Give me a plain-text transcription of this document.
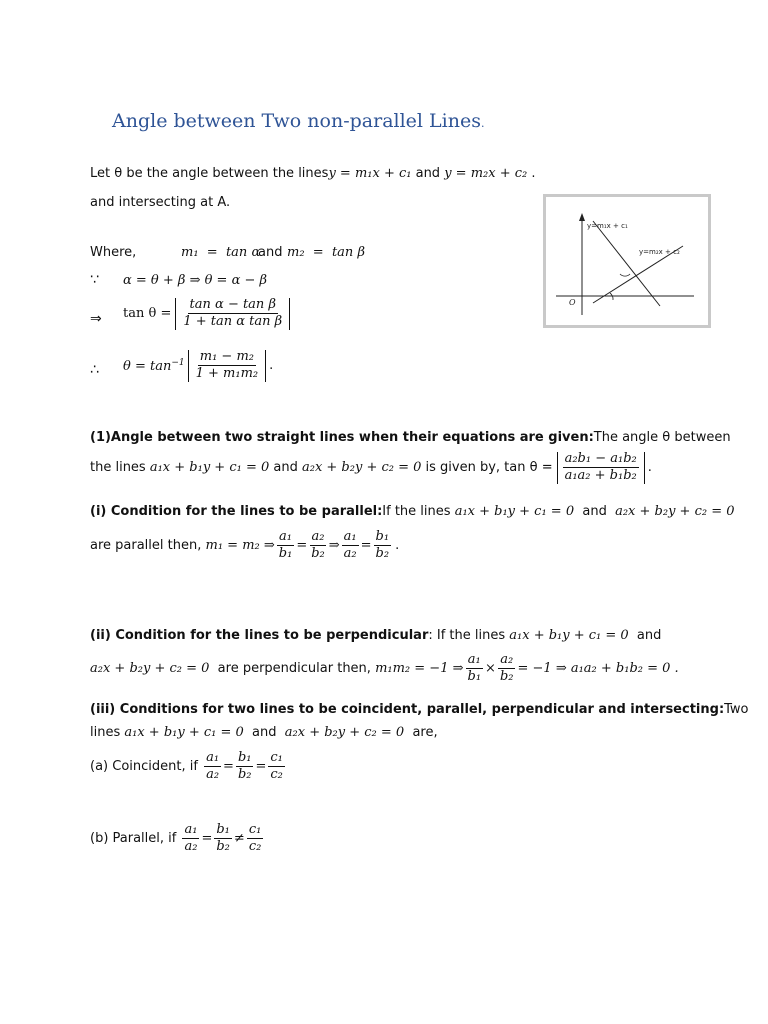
Angle between Two non-parallel Lines.
Let θ be the angle between the lines y = m₁x + c₁ and y = m₂x + c₂ .
and intersecting at A.
Where,	m₁  =  tan α
and m₂  =  tan β
∵ α = θ + β ⇒ θ = α − β
⇒ $\tan \theta = \frac{\text{tan α − tan β}}{\text{1 + tan α tan β}}$
∴ $\theta = \tan^{-1} \frac{\text{m₁ − m₂}}{\text{1 + m₁m₂}}$ .
y=m₁x + c₁
y=m₂x + c₂
O
(1)Angle between two straight lines when their equations are given:The angle θ between
the lines a₁x + b₁y + c₁ = 0 and a₂x + b₂y + c₂ = 0 is given by, $\tan \theta = \frac{\text{a₂b₁ − a₁b₂}}{\text{a₁a₂ + b₁b₂}}$ .
(i) Condition for the lines to be parallel: If the lines a₁x + b₁y + c₁ = 0 and a₂x + b₂y + c₂ = 0
are parallel then, m₁ = m₂ ⇒ $\frac{\text{a₁}}{\text{b₁}} = \frac{\text{a₂}}{\text{b₂}}$ ⇒ $\frac{\text{a₁}}{\text{a₂}} = \frac{\text{b₁}}{\text{b₂}}$ .
(ii) Condition for the lines to be perpendicular : If the lines a₁x + b₁y + c₁ = 0 and
a₂x + b₂y + c₂ = 0 are perpendicular then, m₁m₂ = −1 ⇒ $\frac{\text{a₁}}{\text{b₁}} \times \frac{\text{a₂}}{\text{b₂}} = -1$ ⇒ a₁a₂ + b₁b₂ = 0 .
(iii) Conditions for two lines to be coincident, parallel, perpendicular and intersecting:Two
lines a₁x + b₁y + c₁ = 0 and a₂x + b₂y + c₂ = 0 are,
(a) Coincident, if $\frac{\text{a₁}}{\text{a₂}} = \frac{\text{b₁}}{\text{b₂}} = \frac{\text{c₁}}{\text{c₂}}$
(b) Parallel, if $\frac{\text{a₁}}{\text{a₂}} = \frac{\text{b₁}}{\text{b₂}} \ne \frac{\text{c₁}}{\text{c₂}}$
